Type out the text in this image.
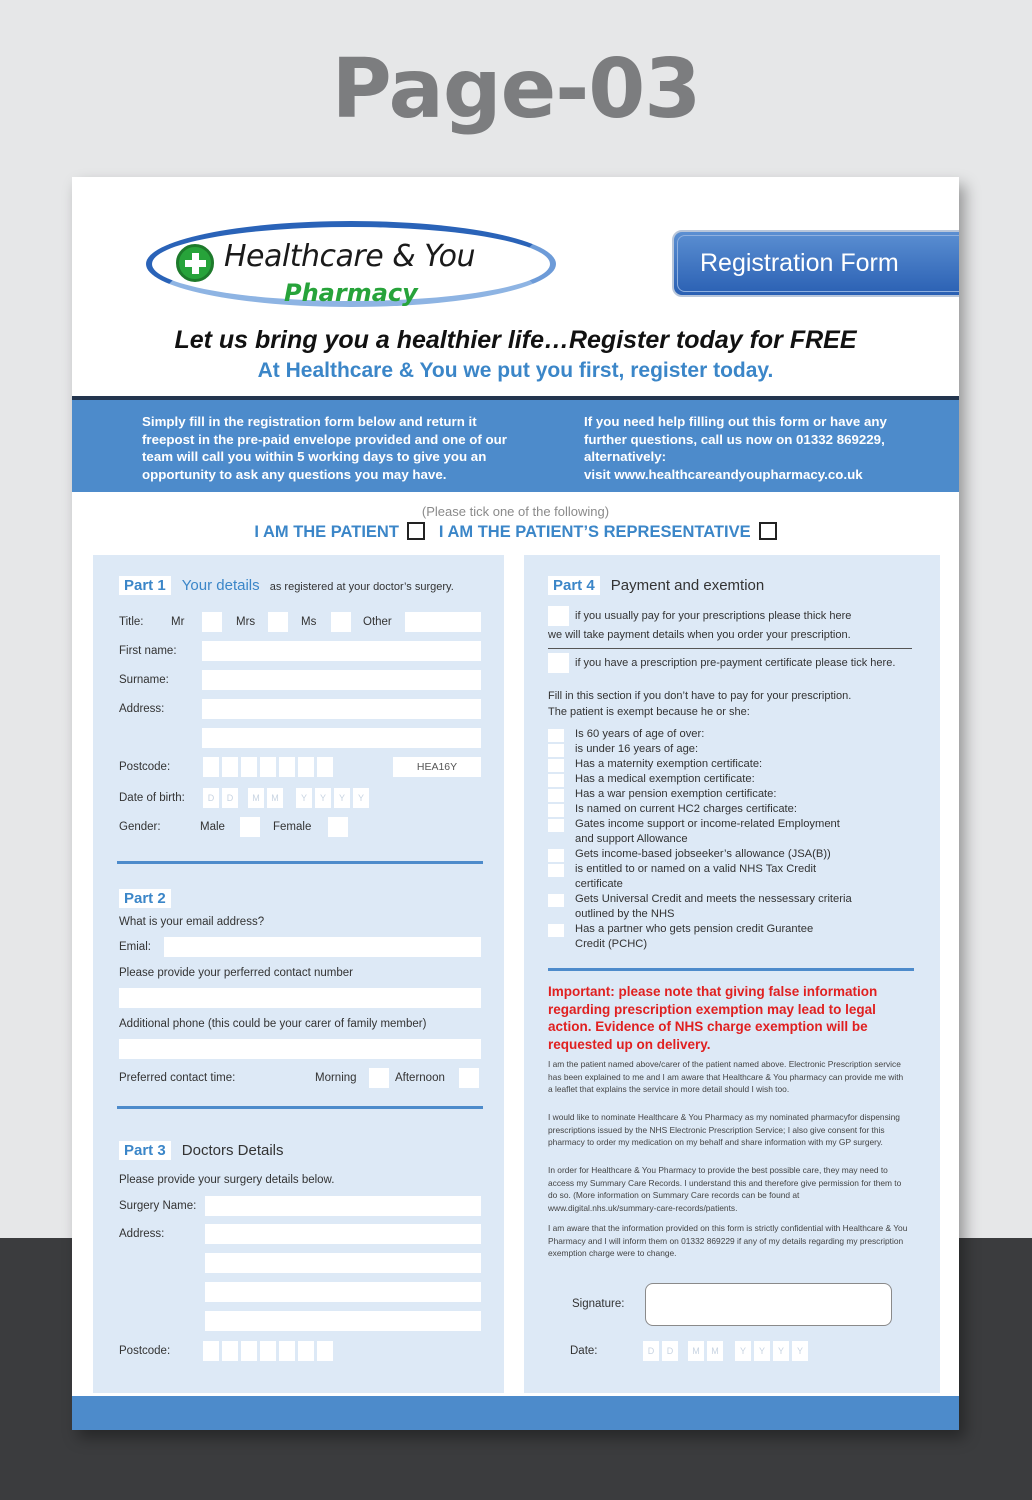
Page-03
Healthcare & You
Pharmacy
Registration Form
Let us bring you a healthier life…Register today for FREE
At Healthcare & You we put you first, register today.
Simply fill in the registration form below and return it freepost in the pre-paid envelope provided and one of our team will call you within 5 working days to give you an opportunity to ask any questions you may have.
If you need help filling out this form or have any
further questions, call us now on 01332 869229,
alternatively:
visit www.healthcareandyoupharmacy.co.uk
(Please tick one of the following)
I AM THE PATIENT I AM THE PATIENT’S REPRESENTATIVE
Part 1 Your details as registered at your doctor’s surgery.
Title: Mr	Mrs	Ms	Other
First name:
Surname:
Address:
Postcode:	HEA16Y
Date of birth:	D	D	M	M	Y	Y	Y	Y
Gender:	Male	Female
Part 2
What is your email address?
Emial:
Please provide your perferred contact number
Additional phone (this could be your carer of family member)
Preferred contact time:	Morning	Afternoon
Part 3 Doctors Details
Please provide your surgery details below.
Surgery Name:
Address:
Postcode:
Part 4 Payment and exemtion
if you usually pay for your prescriptions please thick here
we will take payment details when you order your prescription.
if you have a prescription pre-payment certificate please tick here.
Fill in this section if you don’t have to pay for your prescription.
The patient is exempt because he or she:
Is 60 years of age of over:
is under 16 years of age:
Has a maternity exemption certificate:
Has a medical exemption certificate:
Has a war pension exemption certificate:
Is named on current HC2 charges certificate:
Gates income support or income-related Employment
and support Allowance
Gets income-based jobseeker’s allowance (JSA(B))
is entitled to or named on a valid NHS Tax Credit
certificate
Gets Universal Credit and meets the nessessary criteria
outlined by the NHS
Has a partner who gets pension credit Gurantee
Credit (PCHC)
Important: please note that giving false information regarding prescription exemption may lead to legal action. Evidence of NHS charge exemption will be requested up on delivery.
I am the patient named above/carer of the patient named above. Electronic Prescription service has been explained to me and I am aware that Healthcare & You pharmacy can provide me with a leaflet that explains the service in more detail should I wish too.
I would like to nominate Healthcare & You Pharmacy as my nominated pharmacyfor dispensing prescriptions issued by the NHS Electronic Prescription Service; I also give consent for this pharmacy to order my medication on my behalf and share information with my GP surgery.
In order for Healthcare & You Pharmacy to provide the best possible care, they may need to access my Summary Care Records. I understand this and therefore give permission for them to do so. (More information on Summary Care records can be found at www.digital.nhs.uk/summary-care-records/patients.
I am aware that the information provided on this form is strictly confidential with Healthcare & You Pharmacy and I will inform them on 01332 869229 if any of my details regarding my prescription exemption charge were to change.
Signature:
Date:	D	D	M	M	Y	Y	Y	Y
